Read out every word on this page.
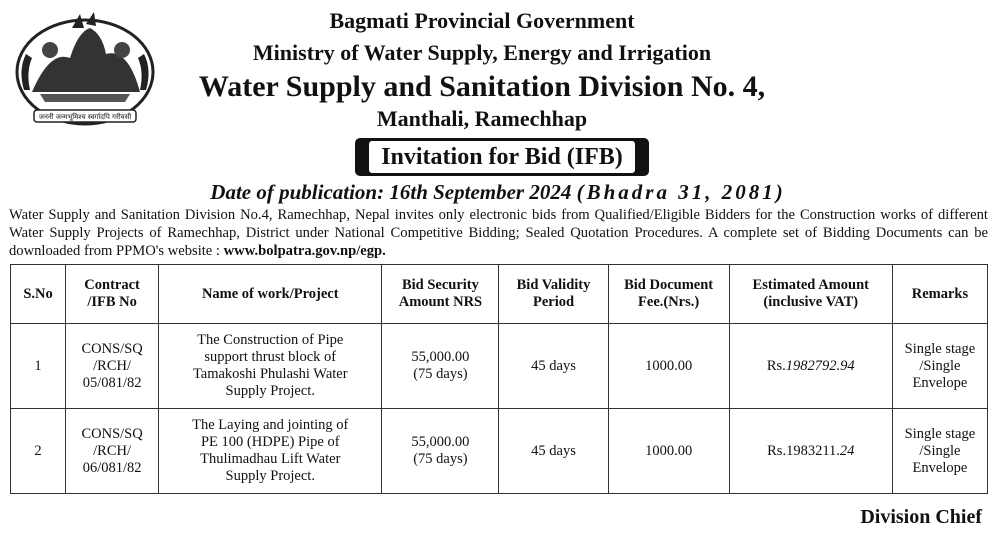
जननी जन्मभूमिश्च स्वर्गादपि गरीयसी
Bagmati Provincial Government
Ministry of Water Supply, Energy and Irrigation
Water Supply and Sanitation Division No. 4,
Manthali, Ramechhap
Invitation for Bid (IFB)
Date of publication: 16th September 2024 (Bhadra 31, 2081)
Water Supply and Sanitation Division No.4, Ramechhap, Nepal invites only electronic bids from Qualified/Eligible Bidders for the Construction works of different Water Supply Projects of Ramechhap, District under National Competitive Bidding; Sealed Quotation Procedures. A complete set of Bidding Documents can be downloaded from PPMO's website : www.bolpatra.gov.np/egp.
S.No	Contract /IFB No	Name of work/Project	Bid Security Amount NRS	Bid Validity Period	Bid Document Fee.(Nrs.)	Estimated Amount (inclusive VAT)	Remarks
1	CONS/SQ
/RCH/
05/081/82	The Construction of Pipe
support thrust block of
Tamakoshi Phulashi Water
Supply Project.	55,000.00
(75 days)	45 days	1000.00	Rs.1982792.94	Single stage
/Single
Envelope
2	CONS/SQ
/RCH/
06/081/82	The Laying and jointing of
PE 100 (HDPE) Pipe of
Thulimadhau Lift Water
Supply Project.	55,000.00
(75 days)	45 days	1000.00	Rs.1983211.24	Single stage
/Single
Envelope
Division Chief
